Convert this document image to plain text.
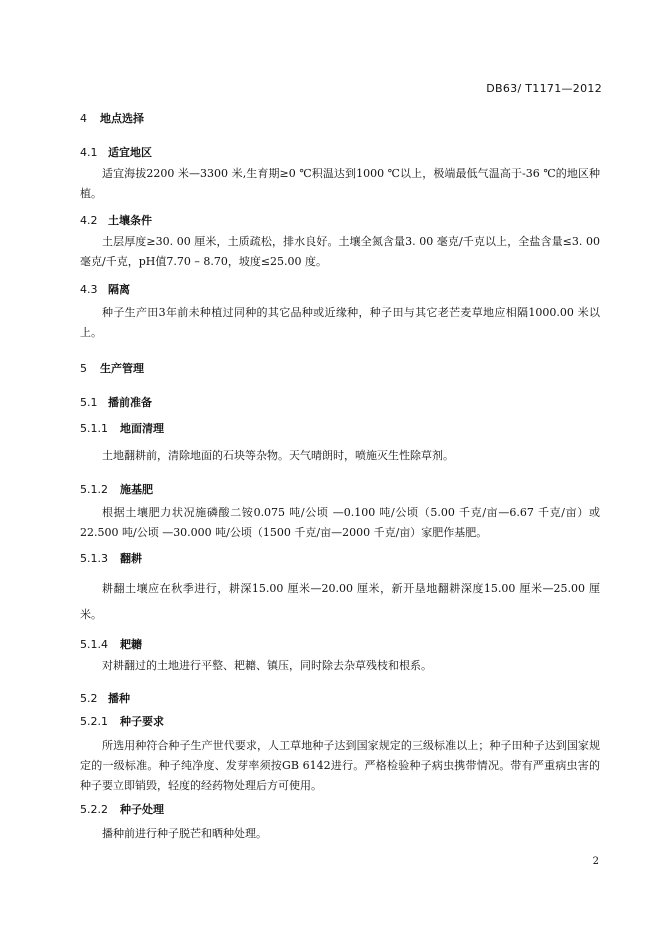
DB63/ T1171—2012
4 地点选择
4.1 适宜地区
适宜海拔2200 米—3300 米,生育期≥0 ℃积温达到1000 ℃以上，极端最低气温高于-36 ℃的地区种植。
4.2 土壤条件
土层厚度≥30. 00 厘米，土质疏松，排水良好。土壤全氮含量3. 00 毫克/千克以上，全盐含量≤3. 00 毫克/千克，pH值7.70 – 8.70，坡度≤25.00 度。
4.3 隔离
种子生产田3年前未种植过同种的其它品种或近缘种，种子田与其它老芒麦草地应相隔1000.00 米以上。
5 生产管理
5.1 播前准备
5.1.1 地面清理
土地翻耕前，清除地面的石块等杂物。天气晴朗时，喷施灭生性除草剂。
5.1.2 施基肥
根据土壤肥力状况施磷酸二铵0.075 吨/公顷 —0.100 吨/公顷（5.00 千克/亩—6.67 千克/亩）或22.500 吨/公顷 —30.000 吨/公顷（1500 千克/亩—2000 千克/亩）家肥作基肥。
5.1.3 翻耕
耕翻土壤应在秋季进行，耕深15.00 厘米—20.00 厘米，新开垦地翻耕深度15.00 厘米—25.00 厘米。
5.1.4 耙耱
对耕翻过的土地进行平整、耙耱、镇压，同时除去杂草残枝和根系。
5.2 播种
5.2.1 种子要求
所选用种符合种子生产世代要求，人工草地种子达到国家规定的三级标准以上；种子田种子达到国家规定的一级标准。种子纯净度、发芽率须按GB 6142进行。严格检验种子病虫携带情况。带有严重病虫害的种子要立即销毁，轻度的经药物处理后方可使用。
5.2.2 种子处理
播种前进行种子脱芒和晒种处理。
2
